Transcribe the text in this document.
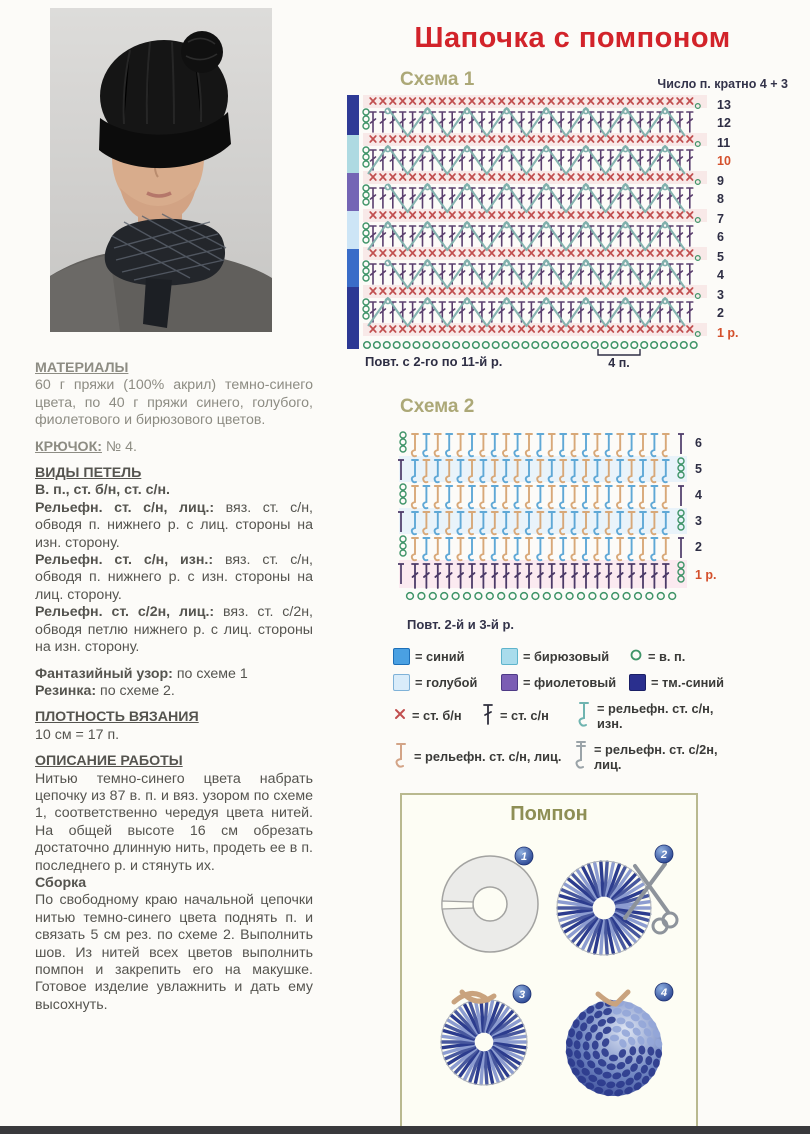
МАТЕРИАЛЫ
60 г пряжи (100% акрил) темно-синего цвета, по 40 г пряжи синего, голубого, фиолетового и бирюзового цветов.
КРЮЧОК: № 4.
ВИДЫ ПЕТЕЛЬ
В. п., ст. б/н, ст. с/н.
Рельефн. ст. с/н, лиц.: вяз. ст. с/н, обводя п. нижнего р. с лиц. стороны на изн. сторону.
Рельефн. ст. с/н, изн.: вяз. ст. с/н, обводя п. нижнего р. с изн. стороны на лиц. сторону.
Рельефн. ст. с/2н, лиц.: вяз. ст. с/2н, обводя петлю нижнего р. с лиц. стороны на изн. сторону.
Фантазийный узор: по схеме 1
Резинка: по схеме 2.
ПЛОТНОСТЬ ВЯЗАНИЯ
10 см = 17 п.
ОПИСАНИЕ РАБОТЫ
Нитью темно-синего цвета набрать цепочку из 87 в. п. и вяз. узором по схеме 1, соответственно чередуя цвета нитей. На общей высоте 16 см обрезать достаточно длинную нить, продеть ее в п. последнего р. и стянуть их.
Сборка
По свободному краю начальной цепочки нитью темно-синего цвета поднять п. и связать 5 см рез. по схеме 2. Выполнить шов. Из нитей всех цветов выполнить помпон и закрепить его на макушке. Готовое изделие увлажнить и дать ему высохнуть.
Шапочка с помпоном
Схема 1	Число п. кратно 4 + 3
13
12
11
10
9
8
7
6
5
4
3
2
1 р.
Повт. с 2-го по 11-й р.	4 п.
Схема 2
6
5
4
3
2
1 р.
Повт. 2-й и 3-й р.
= синий	= бирюзовый	= в. п.
= голубой	= фиолетовый	= тм.-синий
= ст. б/н	= ст. с/н	= рельефн. ст. с/н, изн.
= рельефн. ст. с/н, лиц.	= рельефн. ст. с/2н, лиц.
Помпон
1	2
3	4
